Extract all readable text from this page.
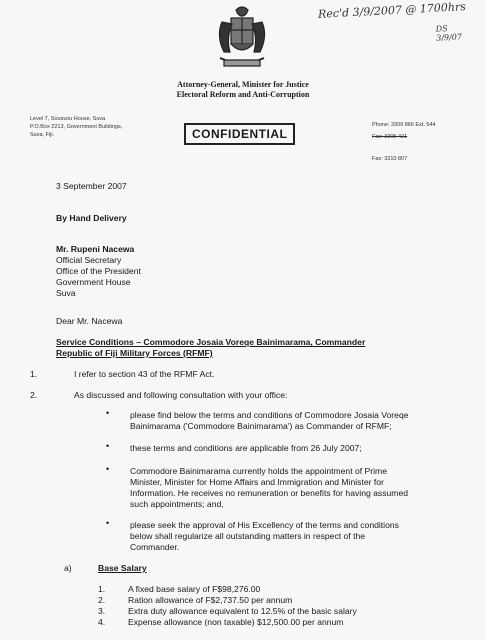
Rec'd 3/9/2007 @ 1700hrs
DS
3/9/07
Attorney-General, Minister for Justice
Electoral Reform and Anti-Corruption
Level 7, Suvavou House, Suva
P.O.Box 2213, Government Buildings,
Suva, Fiji.	CONFIDENTIAL
Phone: 3309 866 Ext. 544
Fax: 3305 421
Fax: 3310 807
3 September 2007
By Hand Delivery
Mr. Rupeni Nacewa
Official Secretary
Office of the President
Government House
Suva
Dear Mr. Nacewa
Service Conditions – Commodore Josaia Voreqe Bainimarama, Commander
Republic of Fiji Military Forces (RFMF)
1.	I refer to section 43 of the RFMF Act.
2.	As discussed and following consultation with your office:
• please find below the terms and conditions of Commodore Josaia Voreqe
Bainimarama ('Commodore Bainimarama') as Commander of RFMF;
• these terms and conditions are applicable from 26 July 2007;
• Commodore Bainimarama currently holds the appointment of Prime
Minister, Minister for Home Affairs and Immigration and Minister for
Information. He receives no remuneration or benefits for having assumed
such appointments; and,
• please seek the approval of His Excellency of the terms and conditions
below shall regularize all outstanding matters in respect of the
Commander.
a)	Base Salary
1.	A fixed base salary of F$98,276.00
2.	Ration allowance of F$2,737.50 per annum
3.	Extra duty allowance equivalent to 12.5% of the basic salary
4.	Expense allowance (non taxable) $12,500.00 per annum
